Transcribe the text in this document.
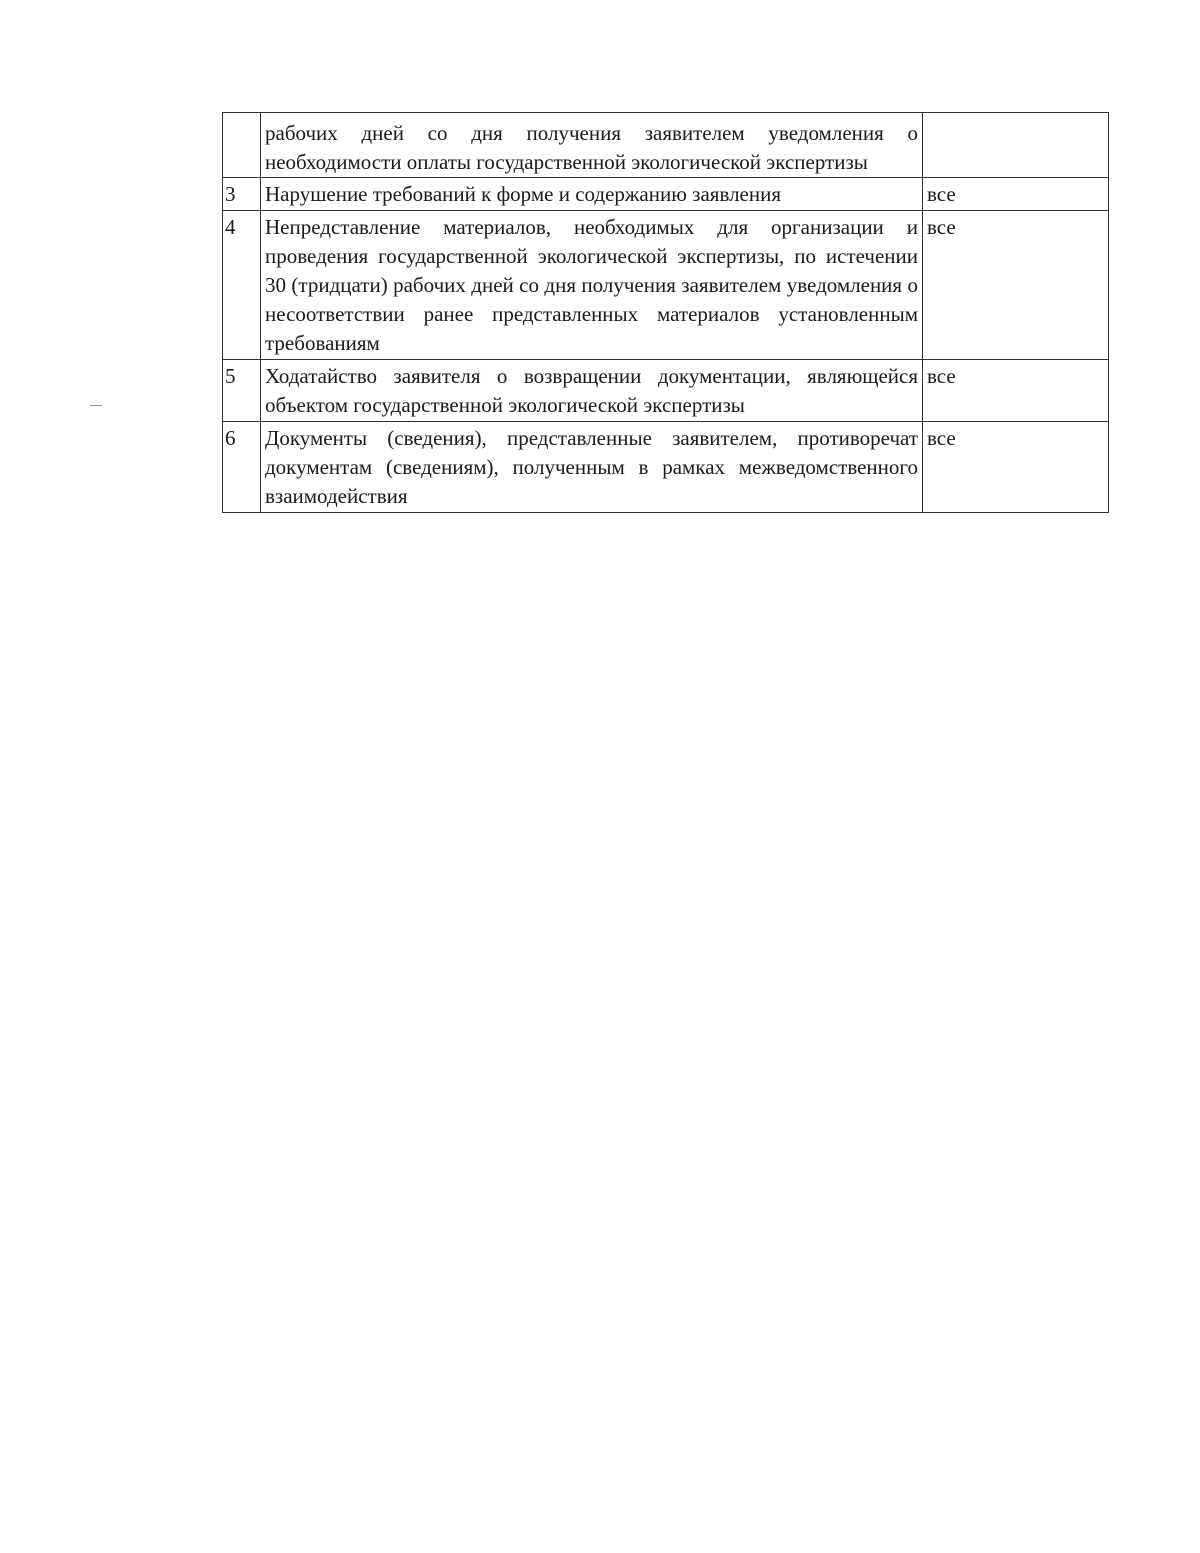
	рабочих дней со дня получения заявителем уведомления о необходимости оплаты государственной экологической экспертизы	
3	Нарушение требований к форме и содержанию заявления	все
4	Непредставление материалов, необходимых для организации и проведения государственной экологической экспертизы, по истечении 30 (тридцати) рабочих дней со дня получения заявителем уведомления о несоответствии ранее представленных материалов установленным требованиям	все
5	Ходатайство заявителя о возвращении документации, являющейся объектом государственной экологической экспертизы	все
6	Документы (сведения), представленные заявителем, противоречат документам (сведениям), полученным в рамках межведомственного взаимодействия	все
